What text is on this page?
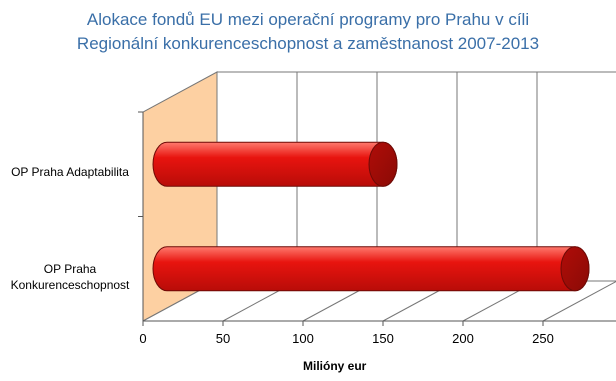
Alokace fondů EU mezi operační programy pro Prahu v cíli
Regionální konkurenceschopnost a zaměstnanost 2007-2013
OP Praha Adaptabilita
OP Praha
Konkurenceschopnost
0	50	100	150	200	250
Milióny eur
